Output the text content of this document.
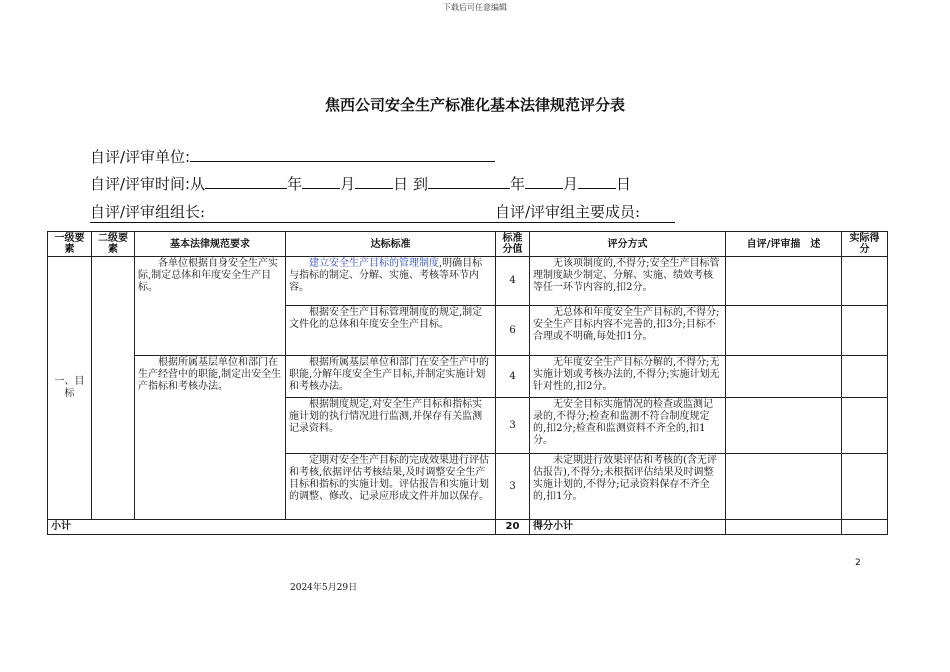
下载后可任意编辑
焦西公司安全生产标准化基本法律规范评分表
自评/评审单位:
自评/评审时间:从	年	月	日 到	年	月	日
自评/评审组组长:	自评/评审组主要成员:
一级要素	二级要素	基本法律规范要求	达标标准	标准分值	评分方式	自评/评审描　述	实际得分
一、目标		各单位根据自身安全生产实际,制定总体和年度安全生产目标。	建立安全生产目标的管理制度,明确目标与指标的制定、分解、实施、考核等环节内容。	4	无该项制度的,不得分;安全生产目标管理制度缺少制定、分解、实施、绩效考核等任一环节内容的,扣2分。		
			根据安全生产目标管理制度的规定,制定文件化的总体和年度安全生产目标。	6	无总体和年度安全生产目标的,不得分;安全生产目标内容不完善的,扣3分;目标不合理或不明确,每处扣1分。		
		根据所属基层单位和部门在生产经营中的职能,制定出安全生产指标和考核办法。	根据所属基层单位和部门在安全生产中的职能,分解年度安全生产目标,并制定实施计划和考核办法。	4	无年度安全生产目标分解的,不得分;无实施计划或考核办法的,不得分;实施计划无针对性的,扣2分。		
			根据制度规定,对安全生产目标和指标实施计划的执行情况进行监测,并保存有关监测记录资料。	3	无安全目标实施情况的检查或监测记录的,不得分;检查和监测不符合制度规定的,扣2分;检查和监测资料不齐全的,扣1分。		
			定期对安全生产目标的完成效果进行评估和考核,依据评估考核结果,及时调整安全生产目标和指标的实施计划。评估报告和实施计划的调整、修改、记录应形成文件并加以保存。	3	未定期进行效果评估和考核的(含无评估报告),不得分;未根据评估结果及时调整实施计划的,不得分;记录资料保存不齐全的,扣1分。		
小计				20	得分小计		
2
2024年5月29日
